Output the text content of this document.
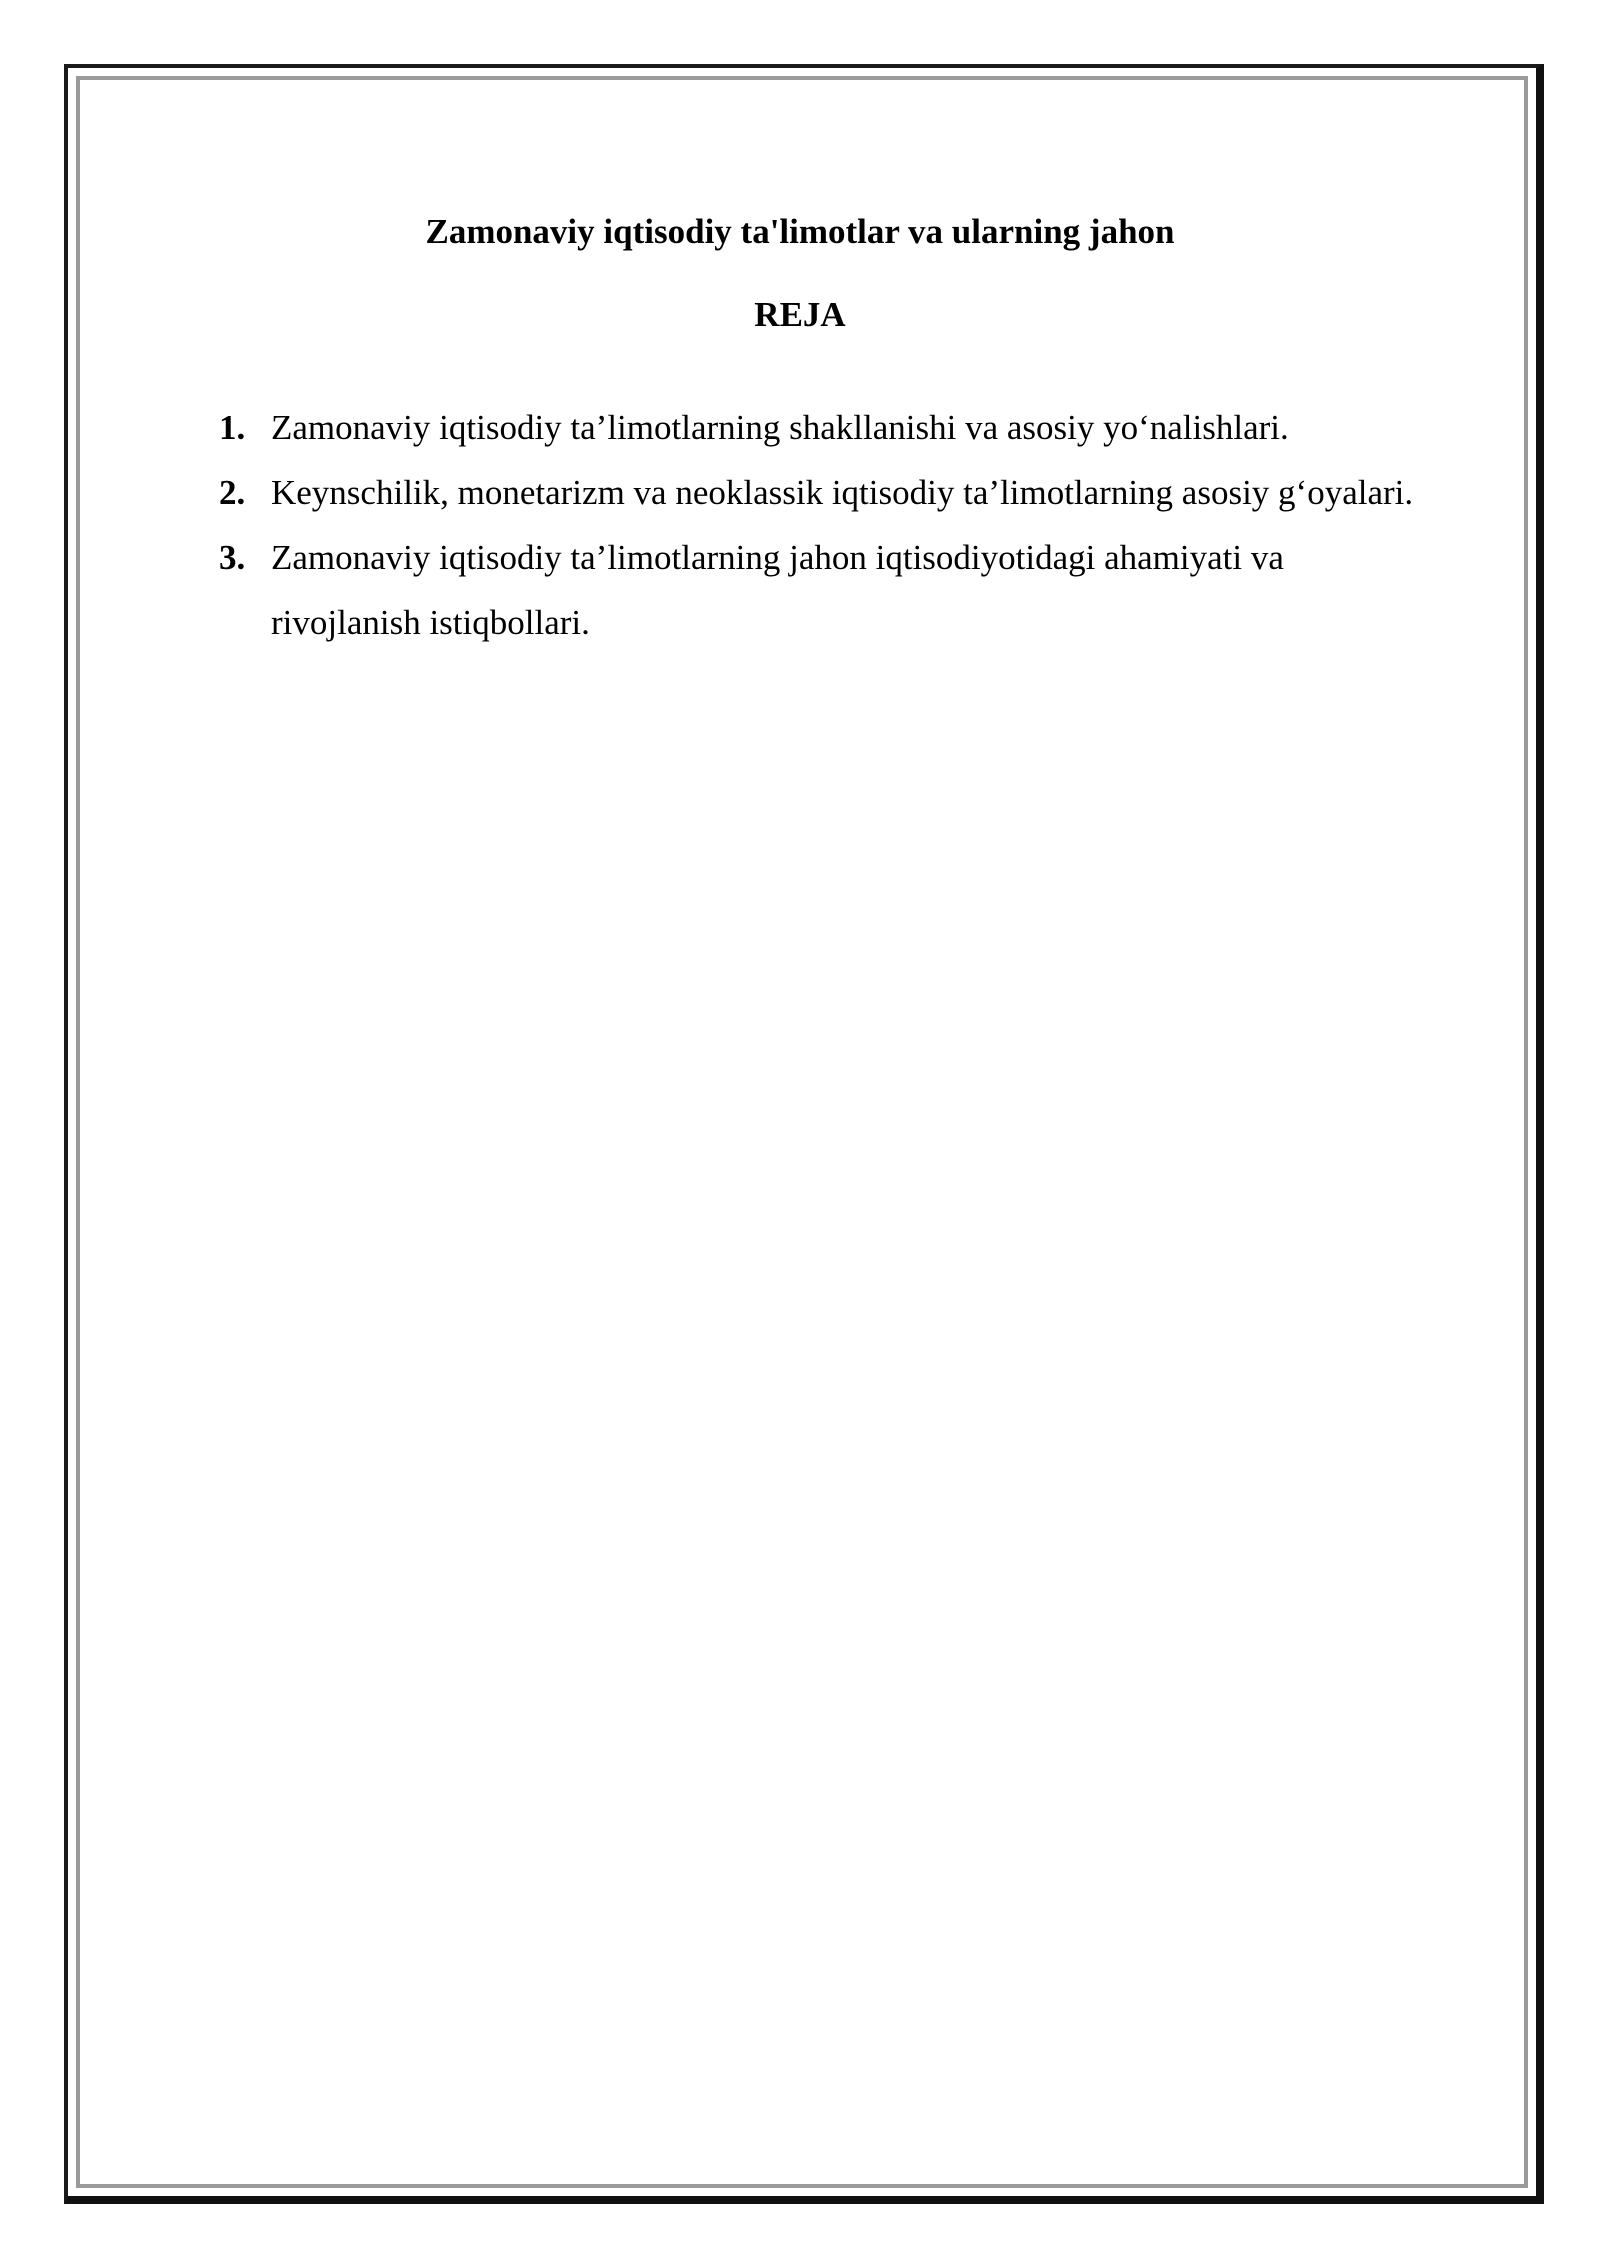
Zamonaviy iqtisodiy ta'limotlar va ularning jahon
REJA
1. Zamonaviy iqtisodiy ta’limotlarning shakllanishi va asosiy yo‘nalishlari.
2. Keynschilik, monetarizm va neoklassik iqtisodiy ta’limotlarning asosiy g‘oyalari.
3. Zamonaviy iqtisodiy ta’limotlarning jahon iqtisodiyotidagi ahamiyati va rivojlanish istiqbollari.
